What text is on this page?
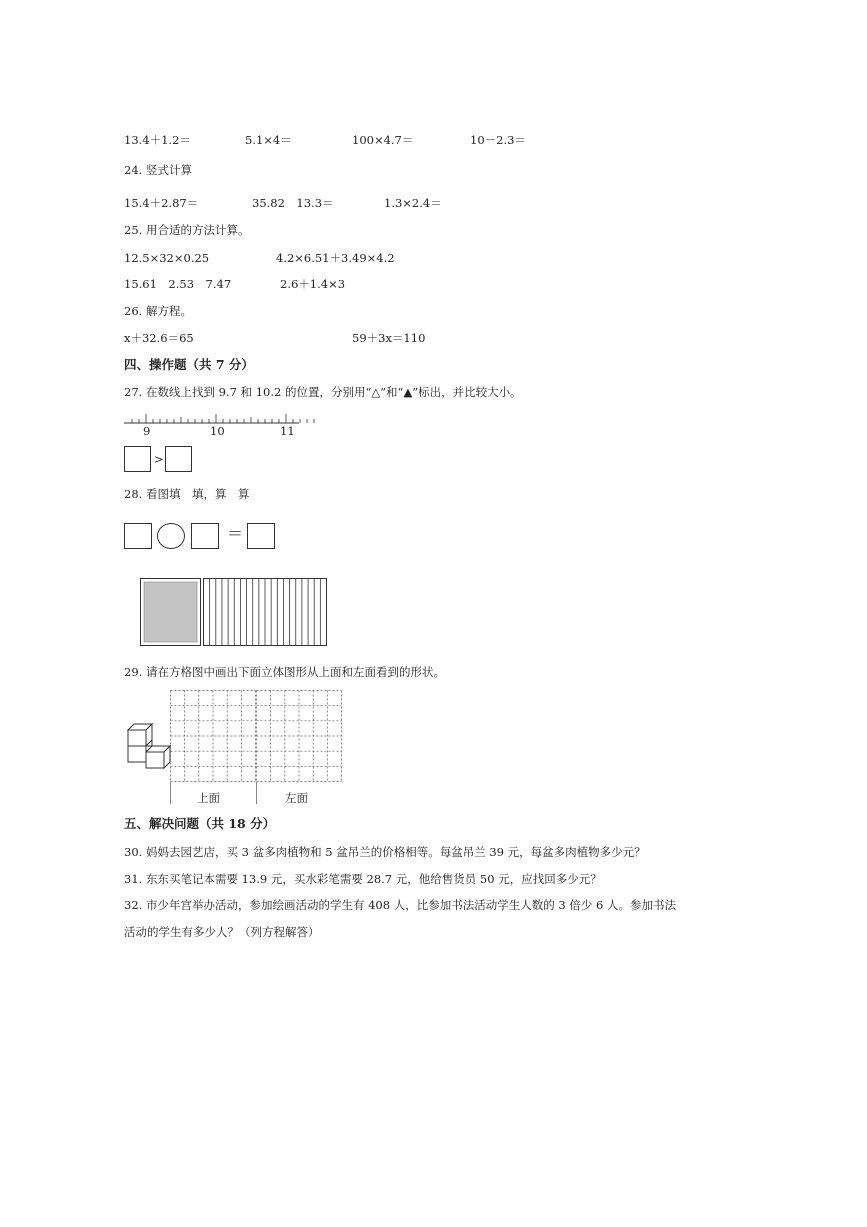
13.4＋1.2＝	5.1×4＝	100×4.7＝	10－2.3＝
24. 竖式计算
15.4＋2.87＝	35.82　13.3＝	1.3×2.4＝
25. 用合适的方法计算。
12.5×32×0.25	4.2×6.51＋3.49×4.2
15.61　2.53　7.47	2.6＋1.4×3
26. 解方程。
x＋32.6＝65	59＋3x＝110
四、操作题（共 7 分）
27. 在数线上找到 9.7 和 10.2 的位置，分别用“△”和“▲”标出，并比较大小。
9	10	11
>
28. 看图填　填，算　算
＝
29. 请在方格图中画出下面立体图形从上面和左面看到的形状。
上面	左面
五、解决问题（共 18 分）
30. 妈妈去园艺店，买 3 盆多肉植物和 5 盆吊兰的价格相等。每盆吊兰 39 元，每盆多肉植物多少元？
31. 东东买笔记本需要 13.9 元，买水彩笔需要 28.7 元，他给售货员 50 元，应找回多少元？
32. 市少年宫举办活动，参加绘画活动的学生有 408 人，比参加书法活动学生人数的 3 倍少 6 人。参加书法
活动的学生有多少人？（列方程解答）
